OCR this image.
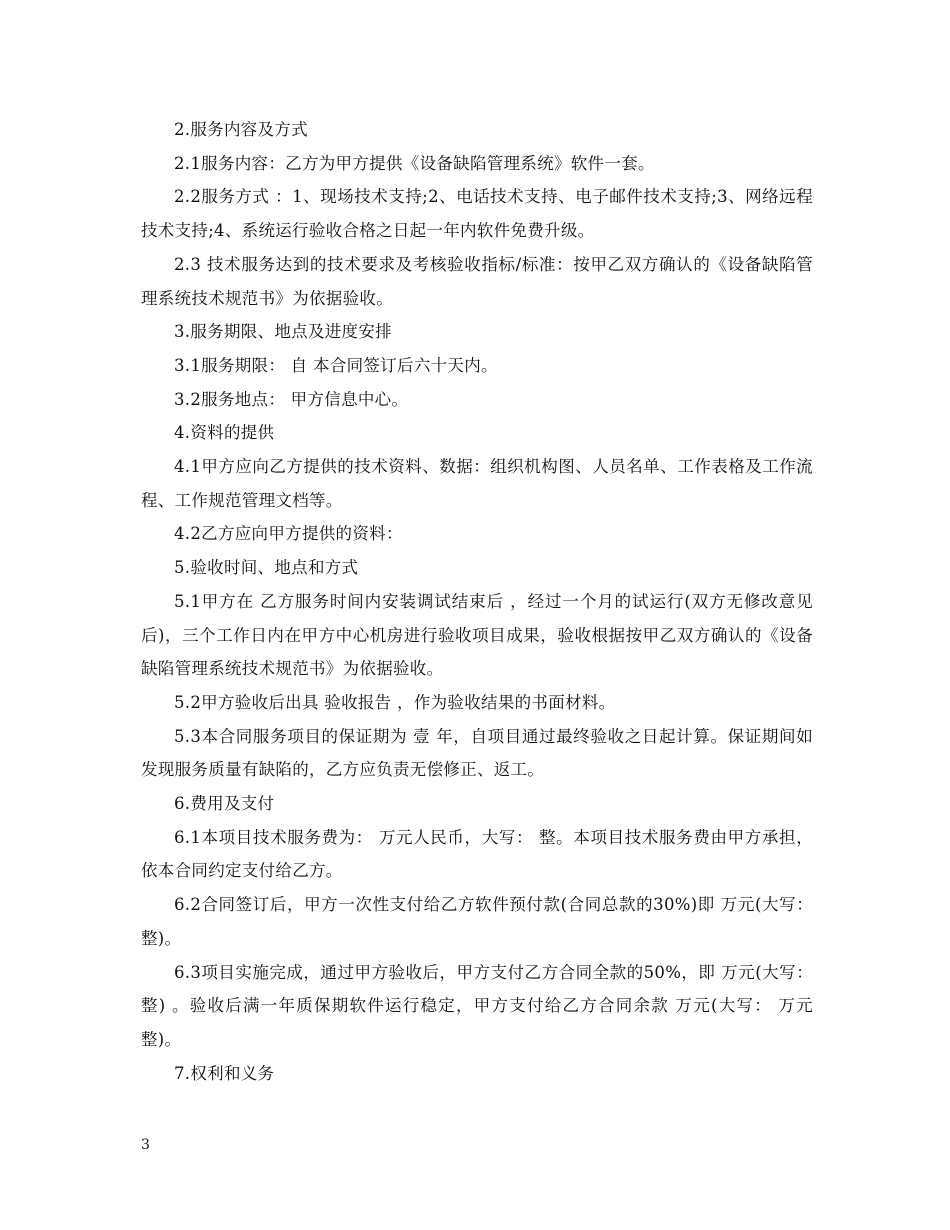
2.服务内容及方式

2.1服务内容：乙方为甲方提供《设备缺陷管理系统》软件一套。

2.2服务方式 ：1、现场技术支持;2、电话技术支持、电子邮件技术支持;3、网络远程技术支持;4、系统运行验收合格之日起一年内软件免费升级。

2.3 技术服务达到的技术要求及考核验收指标/标准：按甲乙双方确认的《设备缺陷管理系统技术规范书》为依据验收。

3.服务期限、地点及进度安排

3.1服务期限： 自 本合同签订后六十天内。

3.2服务地点： 甲方信息中心。

4.资料的提供

4.1甲方应向乙方提供的技术资料、数据：组织机构图、人员名单、工作表格及工作流程、工作规范管理文档等。

4.2乙方应向甲方提供的资料：

5.验收时间、地点和方式

5.1甲方在 乙方服务时间内安装调试结束后 ，经过一个月的试运行(双方无修改意见后)，三个工作日内在甲方中心机房进行验收项目成果，验收根据按甲乙双方确认的《设备缺陷管理系统技术规范书》为依据验收。

5.2甲方验收后出具 验收报告 ，作为验收结果的书面材料。

5.3本合同服务项目的保证期为 壹 年，自项目通过最终验收之日起计算。保证期间如发现服务质量有缺陷的，乙方应负责无偿修正、返工。

6.费用及支付

6.1本项目技术服务费为： 万元人民币，大写： 整。本项目技术服务费由甲方承担，依本合同约定支付给乙方。

6.2合同签订后，甲方一次性支付给乙方软件预付款(合同总款的30%)即 万元(大写： 整)。

6.3项目实施完成，通过甲方验收后，甲方支付乙方合同全款的50%，即 万元(大写： 整) 。验收后满一年质保期软件运行稳定，甲方支付给乙方合同余款 万元(大写： 万元整)。

7.权利和义务

3
